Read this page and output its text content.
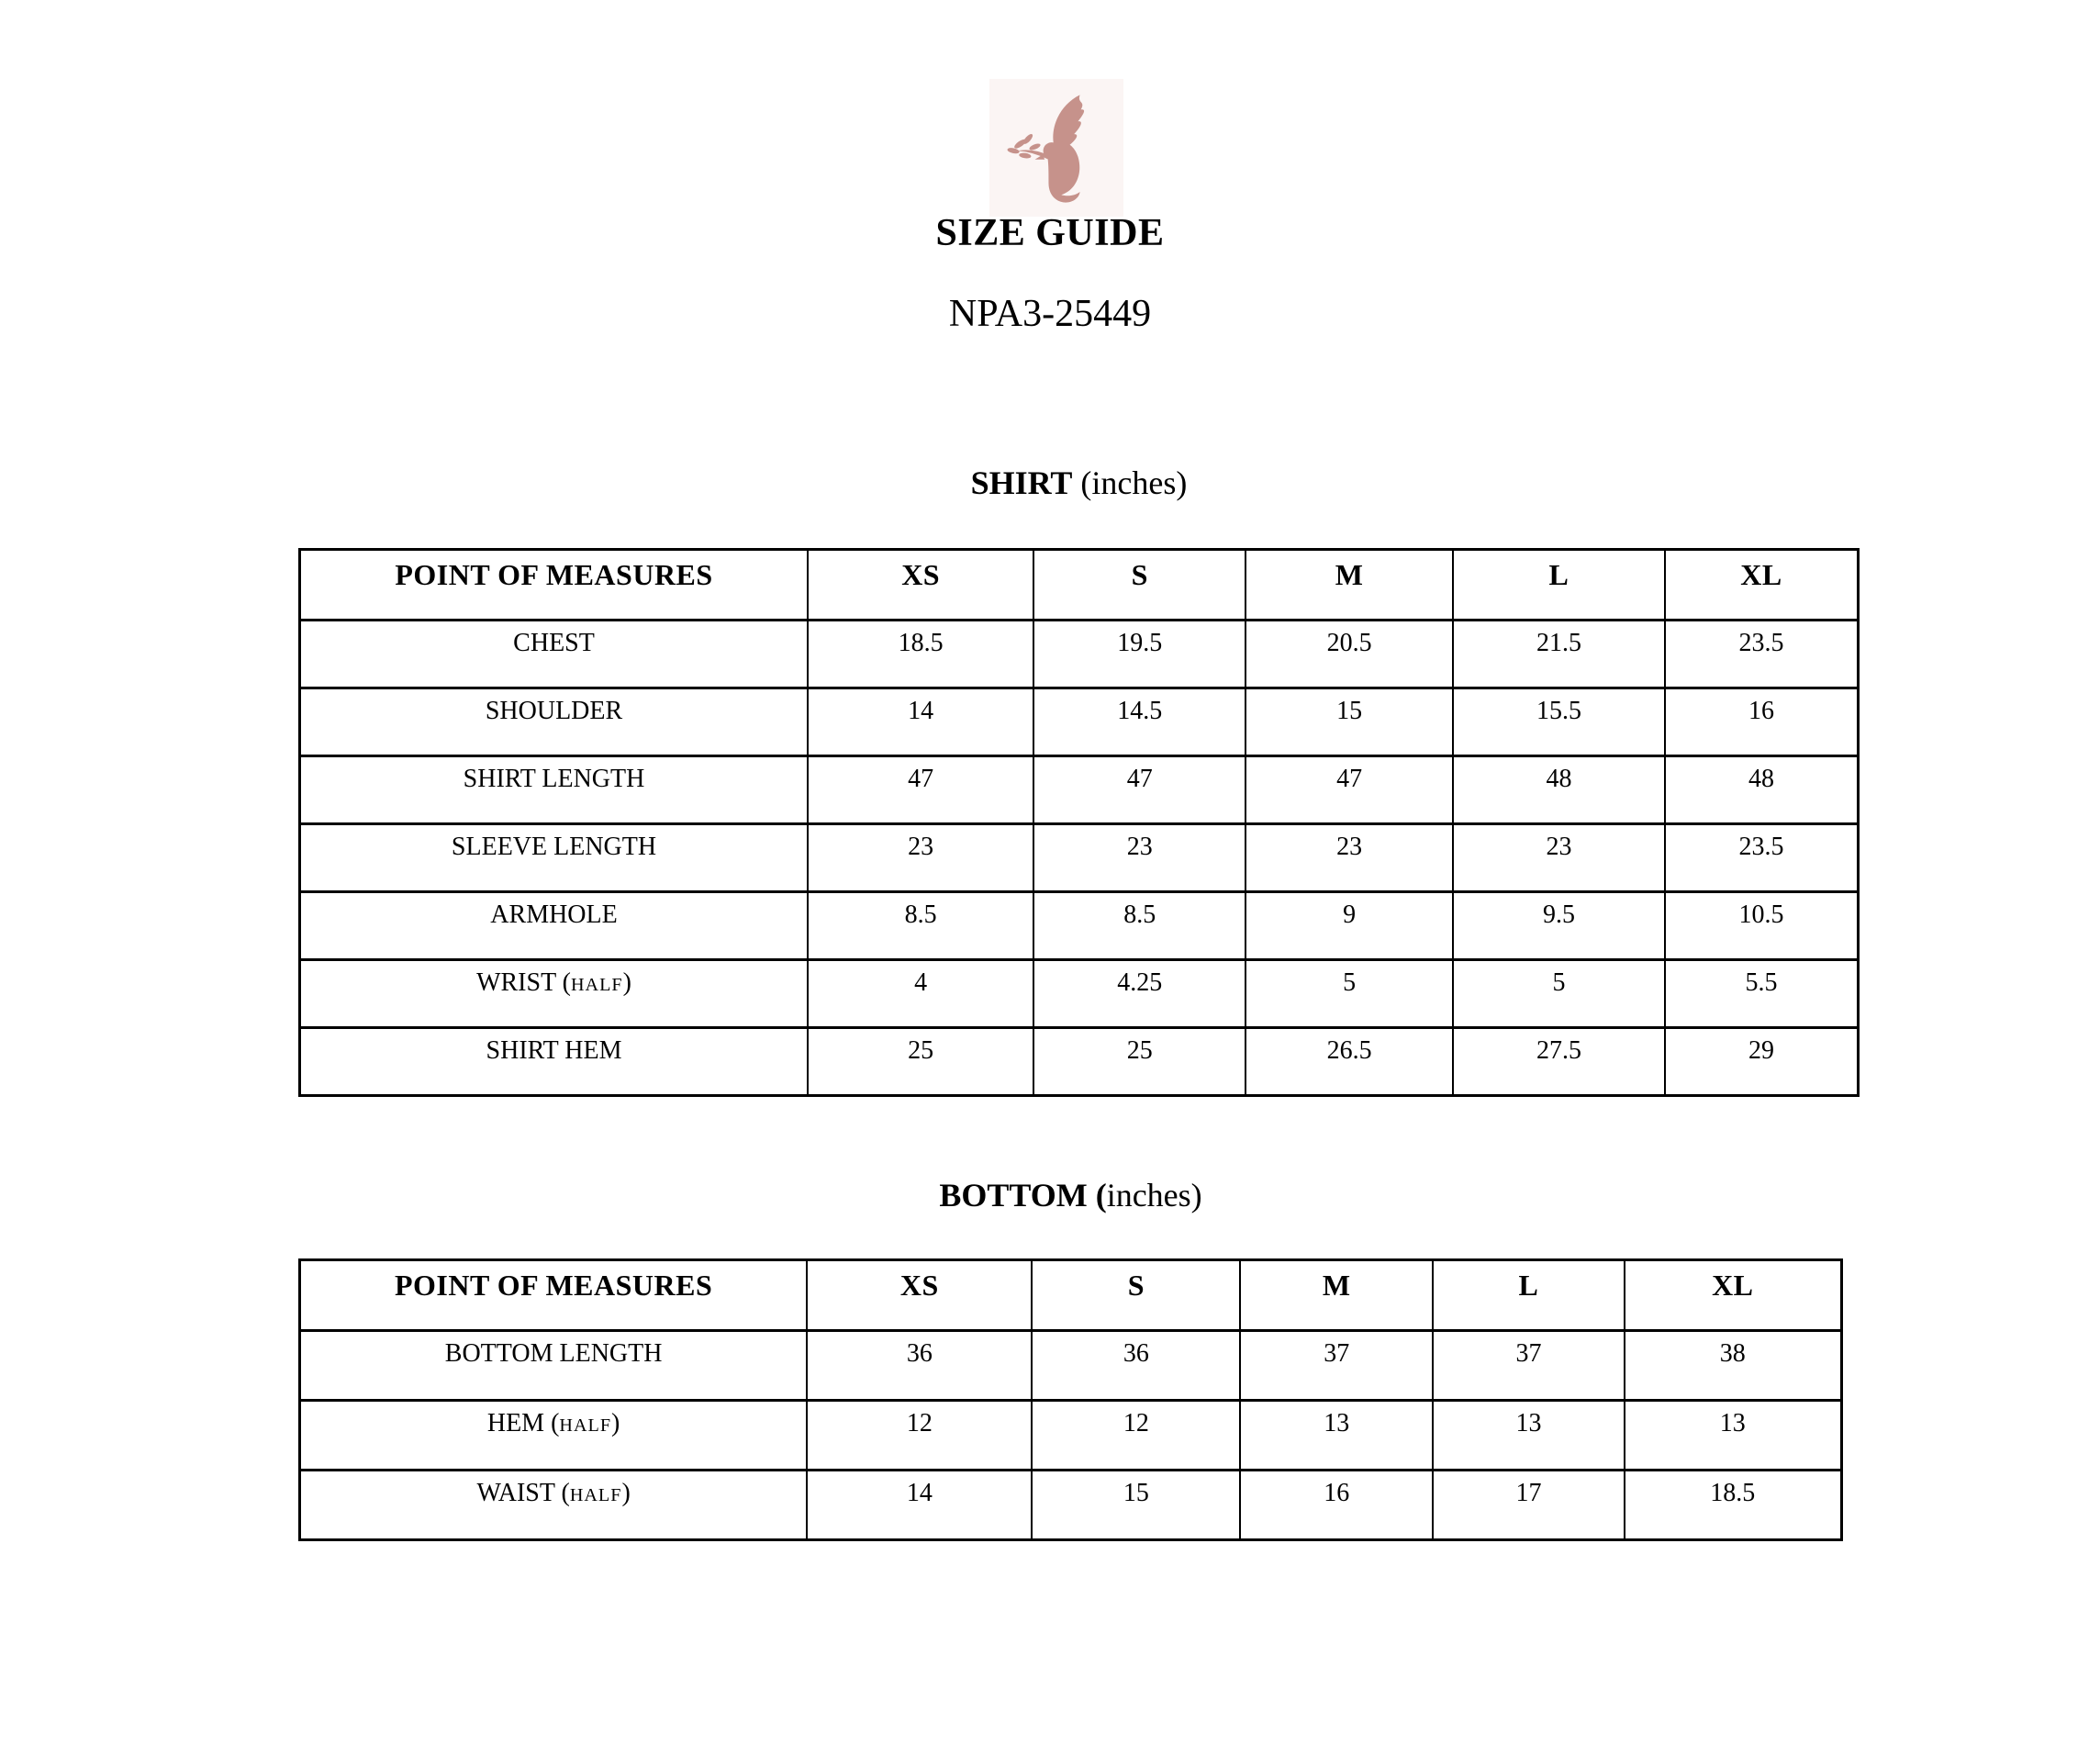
SIZE GUIDE
NPA3-25449
SHIRT (inches)
POINT OF MEASURES	XS	S	M	L	XL
CHEST	18.5	19.5	20.5	21.5	23.5
SHOULDER	14	14.5	15	15.5	16
SHIRT LENGTH	47	47	47	48	48
SLEEVE LENGTH	23	23	23	23	23.5
ARMHOLE	8.5	8.5	9	9.5	10.5
WRIST (HALF)	4	4.25	5	5	5.5
SHIRT HEM	25	25	26.5	27.5	29
BOTTOM (inches)
POINT OF MEASURES	XS	S	M	L	XL
BOTTOM LENGTH	36	36	37	37	38
HEM (HALF)	12	12	13	13	13
WAIST (HALF)	14	15	16	17	18.5
